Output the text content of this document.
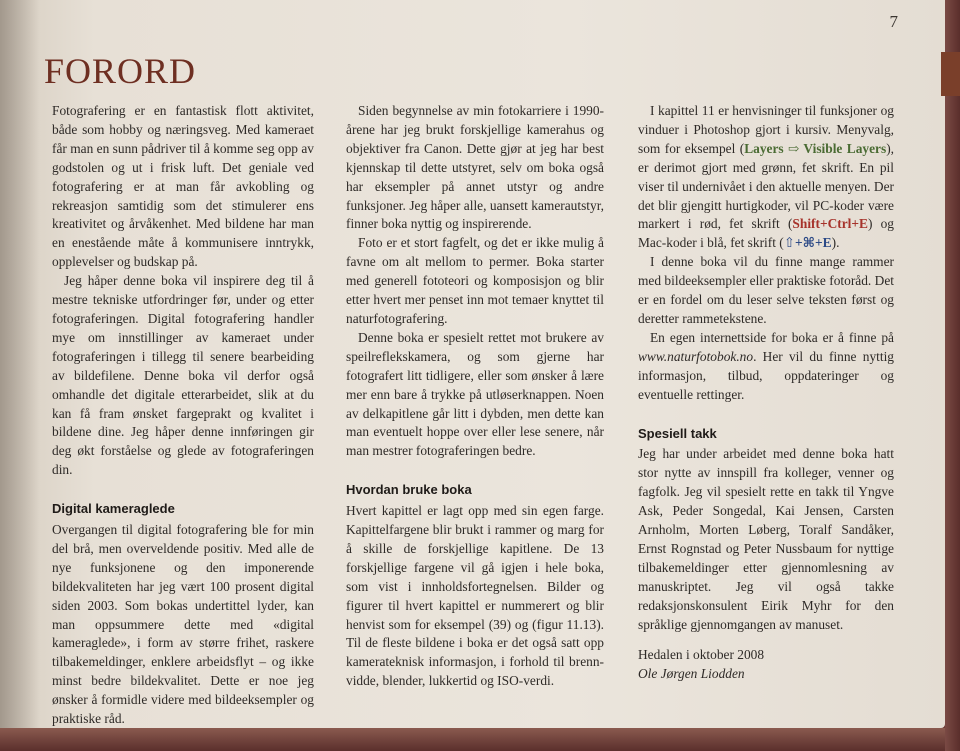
7
FORORD

Fotografering er en fantastisk flott aktivitet, både som hobby og næringsveg. Med kameraet får man en sunn pådriver til å komme seg opp av godstolen og ut i frisk luft. Det geniale ved fotografering er at man får avkobling og rekreasjon samtidig som det stimulerer ens kreativitet og årvåkenhet. Med bildene har man en enestående måte å kommunisere inntrykk, opplevelser og budskap på.

Jeg håper denne boka vil inspirere deg til å mestre tekniske utfordringer før, under og etter fotograferingen. Digital fotografering handler mye om innstillinger av kameraet under fotograferingen i tillegg til senere bearbeiding av bildefilene. Denne boka vil derfor også omhandle det digitale etterarbeidet, slik at du kan få fram ønsket fargeprakt og kvalitet i bildene dine. Jeg håper denne innføringen gir deg økt forståelse og glede av fotograferingen din.

Digital kameraglede

Overgangen til digital fotografering ble for min del brå, men overveldende positiv. Med alle de nye funksjonene og den imponerende bildekvaliteten har jeg vært 100 prosent digital siden 2003. Som bokas undertittel lyder, kan man oppsummere dette med «digital kameraglede», i form av større frihet, raskere tilbakemeldinger, enklere arbeidsflyt – og ikke minst bedre bildekvalitet. Dette er noe jeg ønsker å formidle videre med bildeeksempler og praktiske råd.

Siden begynnelse av min fotokarriere i 1990-årene har jeg brukt forskjellige kamerahus og objektiver fra Canon. Dette gjør at jeg har best kjennskap til dette utstyret, selv om boka også har eksempler på annet utstyr og andre funksjoner. Jeg håper alle, uansett kamerautstyr, finner boka nyttig og inspirerende.

Foto er et stort fagfelt, og det er ikke mulig å favne om alt mellom to permer. Boka starter med generell fototeori og komposisjon og blir etter hvert mer penset inn mot temaer knyttet til naturfotografering.

Denne boka er spesielt rettet mot brukere av speilreflekskamera, og som gjerne har fotografert litt tidligere, eller som ønsker å lære mer enn bare å trykke på utløserknappen. Noen av delkapitlene går litt i dybden, men dette kan man eventuelt hoppe over eller lese senere, når man mestrer fotograferingen bedre.

Hvordan bruke boka

Hvert kapittel er lagt opp med sin egen farge. Kapittelfargene blir brukt i rammer og marg for å skille de forskjellige kapitlene. De 13 forskjellige fargene vil gå igjen i hele boka, som vist i innholdsfortegnelsen. Bilder og figurer til hvert kapittel er nummerert og blir henvist som for eksempel (39) og (figur 11.13). Til de fleste bildene i boka er det også satt opp kamerateknisk informasjon, i forhold til brenn-vidde, blender, lukkertid og ISO-verdi.

I kapittel 11 er henvisninger til funksjoner og vinduer i Photoshop gjort i kursiv. Menyvalg, som for eksempel (Layers ⇨ Visible Layers), er derimot gjort med grønn, fet skrift. En pil viser til undernivået i den aktuelle menyen. Der det blir gjengitt hurtigkoder, vil PC-koder være markert i rød, fet skrift (Shift+Ctrl+E) og Mac-koder i blå, fet skrift (⇧+⌘+E).

I denne boka vil du finne mange rammer med bildeeksempler eller praktiske fotoråd. Det er en fordel om du leser selve teksten først og deretter rammetekstene.

En egen internettside for boka er å finne på www.naturfotobok.no. Her vil du finne nyttig informasjon, tilbud, oppdateringer og eventuelle rettinger.

Spesiell takk

Jeg har under arbeidet med denne boka hatt stor nytte av innspill fra kolleger, venner og fagfolk. Jeg vil spesielt rette en takk til Yngve Ask, Peder Songedal, Kai Jensen, Carsten Arnholm, Morten Løberg, Toralf Sandåker, Ernst Rognstad og Peter Nussbaum for nyttige tilbakemeldinger etter gjennomlesning av manuskriptet. Jeg vil også takke redaksjonskonsulent Eirik Myhr for den språklige gjennomgangen av manuset.

Hedalen i oktober 2008

Ole Jørgen Liodden
